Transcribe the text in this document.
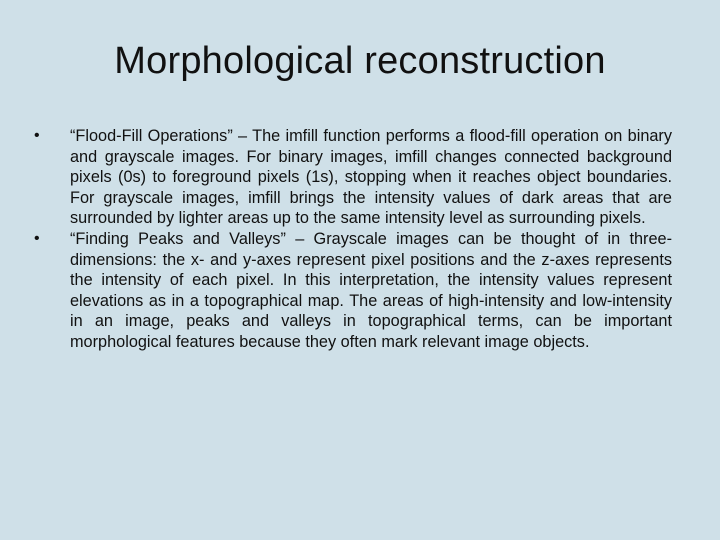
Morphological reconstruction
• “Flood-Fill Operations” – The imfill function performs a flood-fill operation on binary and grayscale images. For binary images, imfill changes connected background pixels (0s) to foreground pixels (1s), stopping when it reaches object boundaries. For grayscale images, imfill brings the intensity values of dark areas that are surrounded by lighter areas up to the same intensity level as surrounding pixels.
• “Finding Peaks and Valleys” – Grayscale images can be thought of in three-dimensions: the x- and y-axes represent pixel positions and the z-axes represents the intensity of each pixel. In this interpretation, the intensity values represent elevations as in a topographical map. The areas of high-intensity and low-intensity in an image, peaks and valleys in topographical terms, can be important morphological features because they often mark relevant image objects.
